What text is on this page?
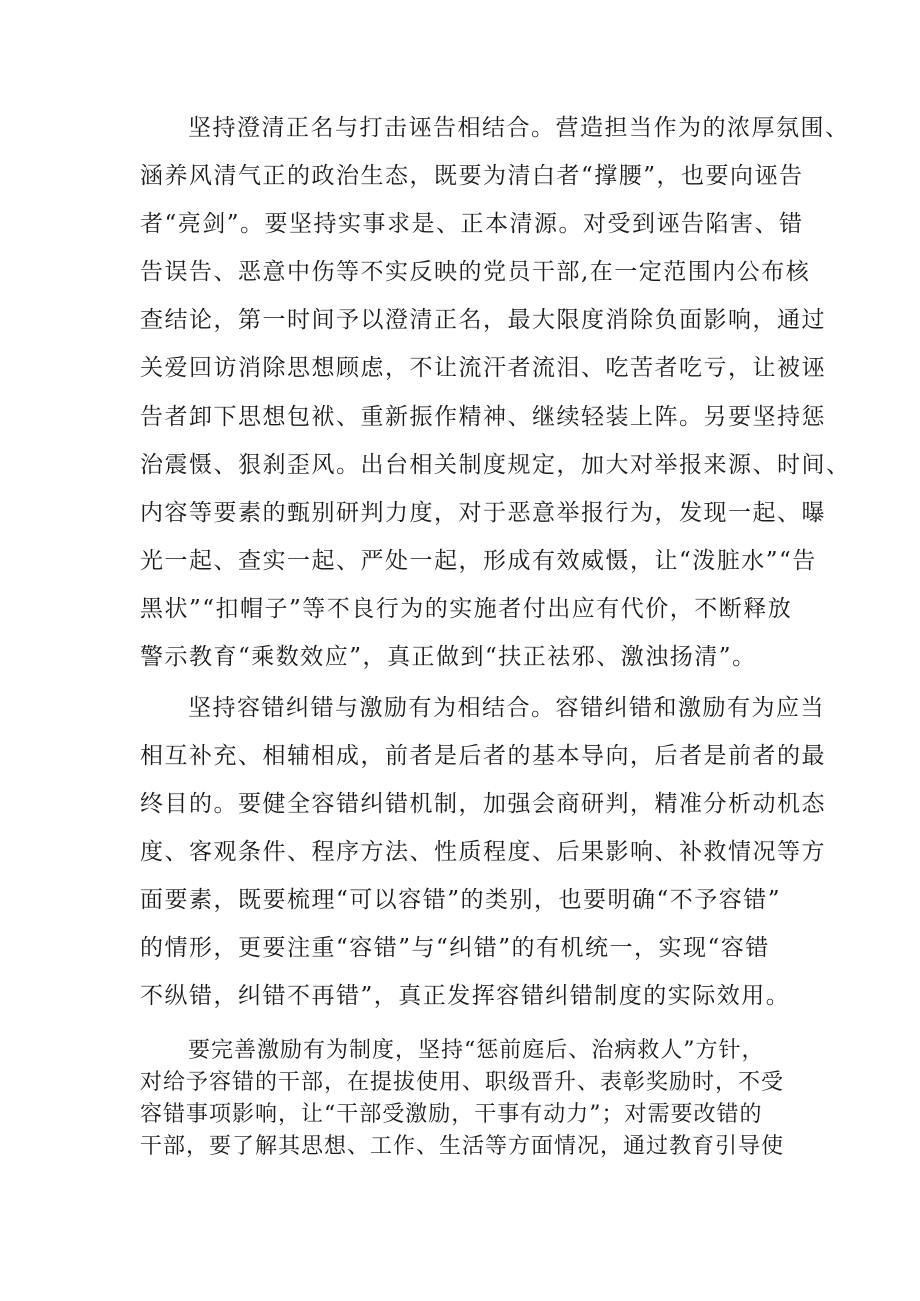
坚持澄清正名与打击诬告相结合。营造担当作为的浓厚氛围、

涵养风清气正的政治生态，既要为清白者“撑腰”，也要向诬告

者“亮剑”。要坚持实事求是、正本清源。对受到诬告陷害、错

告误告、恶意中伤等不实反映的党员干部,在一定范围内公布核

查结论，第一时间予以澄清正名，最大限度消除负面影响，通过

关爱回访消除思想顾虑，不让流汗者流泪、吃苦者吃亏，让被诬

告者卸下思想包袱、重新振作精神、继续轻装上阵。另要坚持惩

治震慑、狠刹歪风。出台相关制度规定，加大对举报来源、时间、

内容等要素的甄别研判力度，对于恶意举报行为，发现一起、曝

光一起、查实一起、严处一起，形成有效威慑，让“泼脏水”“告

黑状”“扣帽子”等不良行为的实施者付出应有代价，不断释放

警示教育“乘数效应”，真正做到“扶正祛邪、激浊扬清”。

坚持容错纠错与激励有为相结合。容错纠错和激励有为应当

相互补充、相辅相成，前者是后者的基本导向，后者是前者的最

终目的。要健全容错纠错机制，加强会商研判，精准分析动机态

度、客观条件、程序方法、性质程度、后果影响、补救情况等方

面要素，既要梳理“可以容错”的类别，也要明确“不予容错”

的情形，更要注重“容错”与“纠错”的有机统一，实现“容错

不纵错，纠错不再错”，真正发挥容错纠错制度的实际效用。

要完善激励有为制度，坚持“惩前庭后、治病救人”方针，

对给予容错的干部，在提拔使用、职级晋升、表彰奖励时，不受

容错事项影响，让“干部受激励，干事有动力”；对需要改错的

干部，要了解其思想、工作、生活等方面情况，通过教育引导使
